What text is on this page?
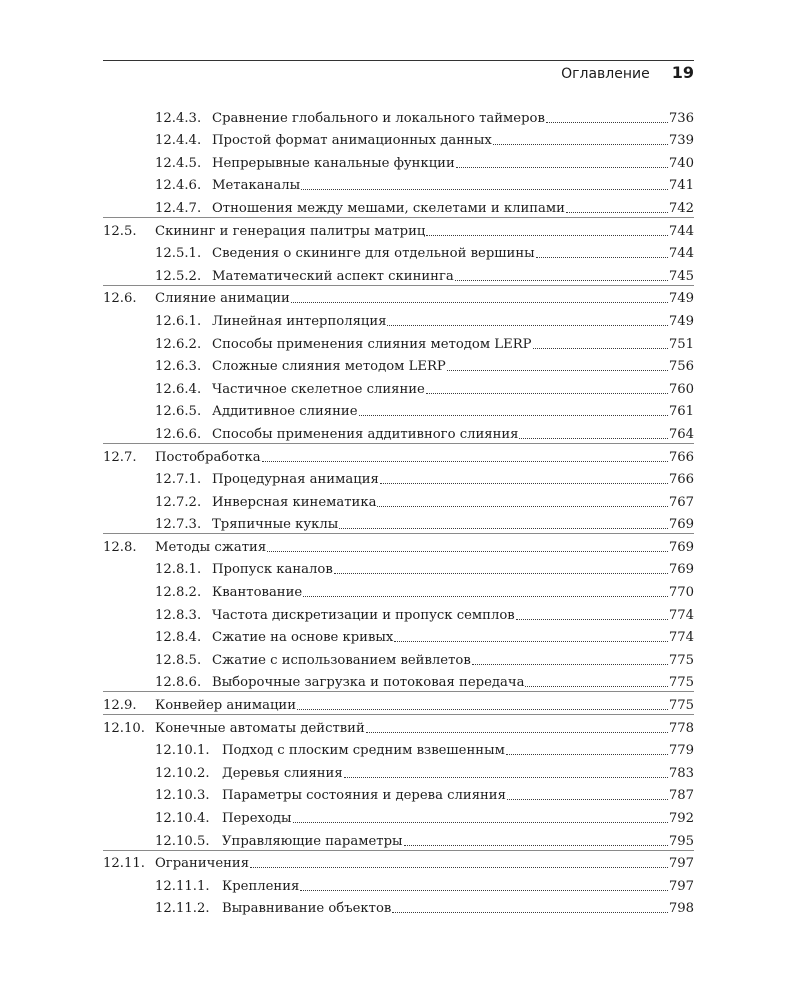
Оглавление 19
12.4.3. Сравнение глобального и локального таймеров	736
12.4.4. Простой формат анимационных данных	739
12.4.5. Непрерывные канальные функции	740
12.4.6. Метаканалы	741
12.4.7. Отношения между мешами, скелетами и клипами	742
12.5.	Скининг и генерация палитры матриц	744
12.5.1. Сведения о скининге для отдельной вершины	744
12.5.2. Математический аспект скининга	745
12.6.	Слияние анимации	749
12.6.1. Линейная интерполяция	749
12.6.2. Способы применения слияния методом LERP	751
12.6.3. Сложные слияния методом LERP	756
12.6.4. Частичное скелетное слияние	760
12.6.5. Аддитивное слияние	761
12.6.6. Способы применения аддитивного слияния	764
12.7.	Постобработка	766
12.7.1. Процедурная анимация	766
12.7.2. Инверсная кинематика	767
12.7.3. Тряпичные куклы	769
12.8.	Методы сжатия	769
12.8.1. Пропуск каналов	769
12.8.2. Квантование	770
12.8.3. Частота дискретизации и пропуск семплов	774
12.8.4. Сжатие на основе кривых	774
12.8.5. Сжатие с использованием вейвлетов	775
12.8.6. Выборочные загрузка и потоковая передача	775
12.9.	Конвейер анимации	775
12.10. Конечные автоматы действий	778
12.10.1. Подход с плоским средним взвешенным	779
12.10.2. Деревья слияния	783
12.10.3. Параметры состояния и дерева слияния	787
12.10.4. Переходы	792
12.10.5. Управляющие параметры	795
12.11. Ограничения	797
12.11.1. Крепления	797
12.11.2. Выравнивание объектов	798
